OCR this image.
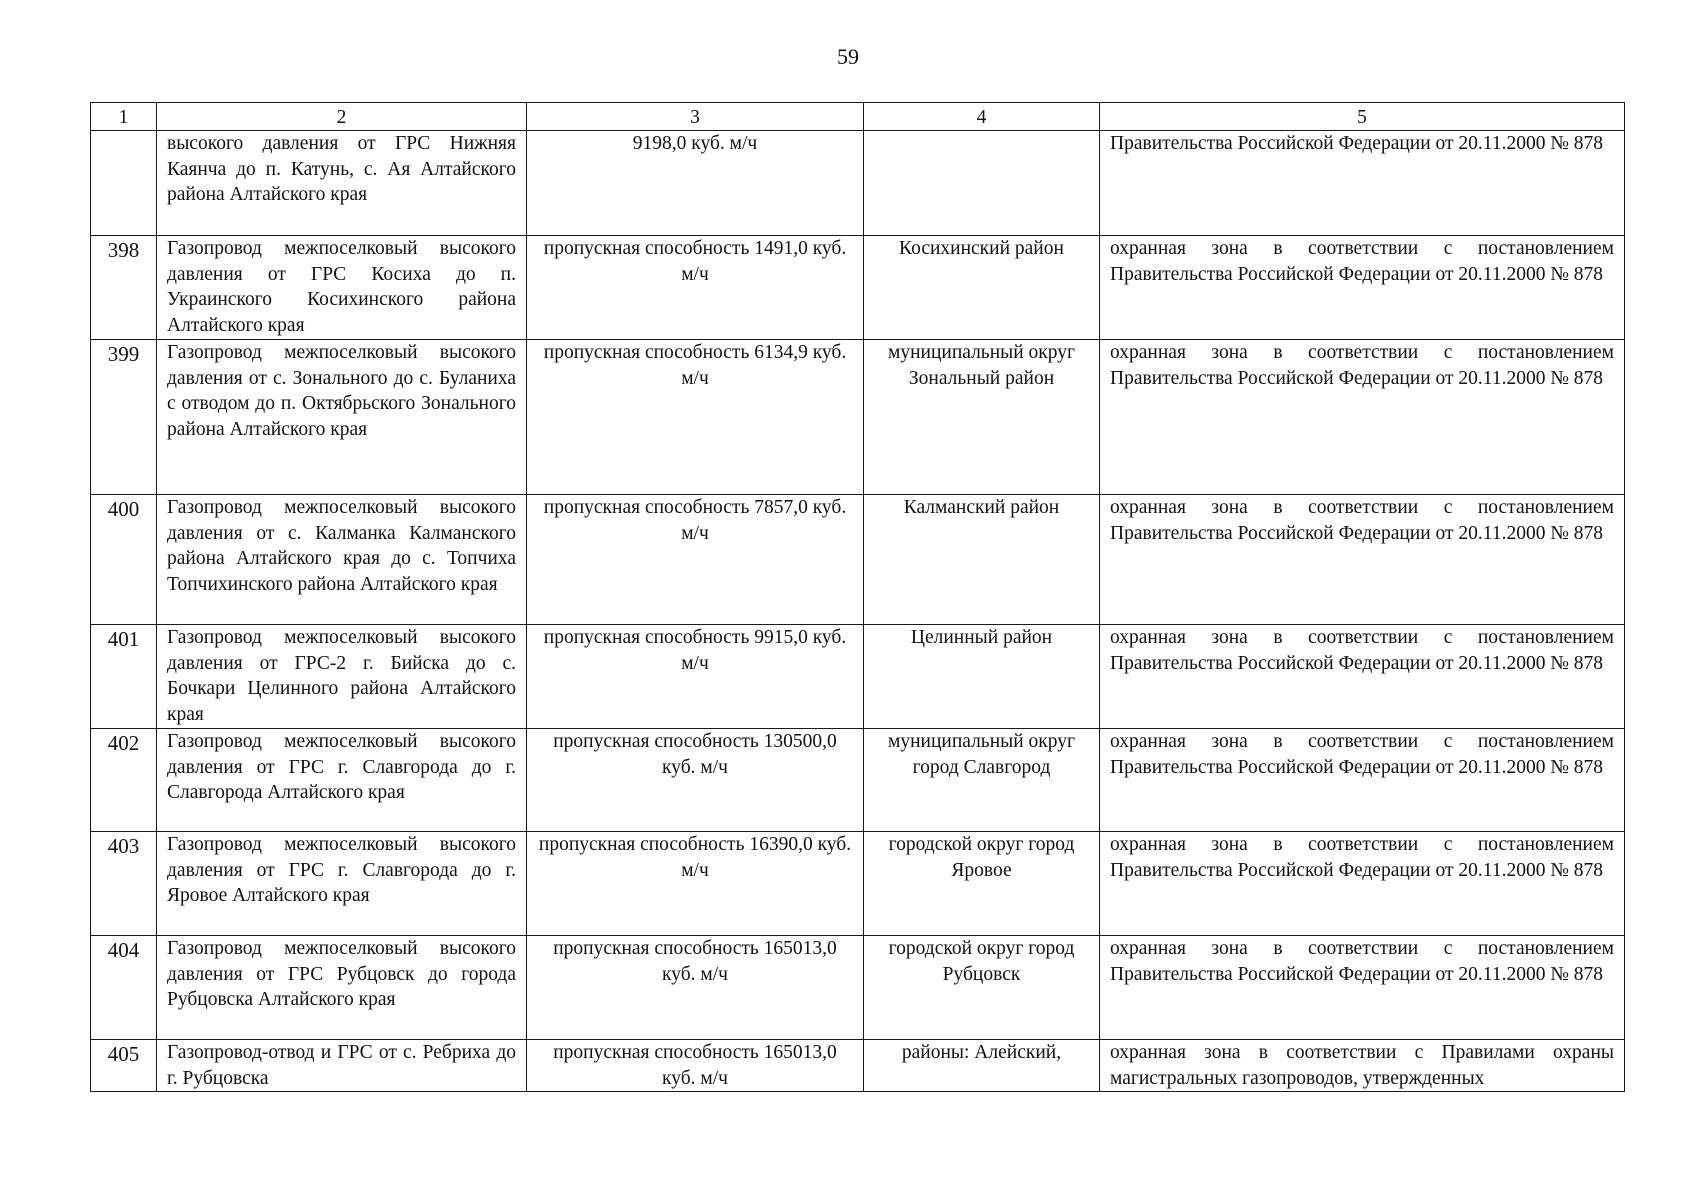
59
1	2	3	4	5
	высокого давления от ГРС Нижняя Каянча до п. Катунь, с. Ая Алтайского района Алтайского края	9198,0 куб. м/ч		Правительства Российской Федерации от 20.11.2000 № 878
398	Газопровод межпоселковый высокого давления от ГРС Косиха до п. Украинского Косихинского района Алтайского края	пропускная способность 1491,0 куб. м/ч	Косихинский район	охранная зона в соответствии с постановлением Правительства Российской Федерации от 20.11.2000 № 878
399	Газопровод межпоселковый высокого давления от с. Зонального до с. Буланиха с отводом до п. Октябрьского Зонального района Алтайского края	пропускная способность 6134,9 куб. м/ч	муниципальный округ Зональный район	охранная зона в соответствии с постановлением Правительства Российской Федерации от 20.11.2000 № 878
400	Газопровод межпоселковый высокого давления от с. Калманка Калманского района Алтайского края до с. Топчиха Топчихинского района Алтайского края	пропускная способность 7857,0 куб. м/ч	Калманский район	охранная зона в соответствии с постановлением Правительства Российской Федерации от 20.11.2000 № 878
401	Газопровод межпоселковый высокого давления от ГРС-2 г. Бийска до с. Бочкари Целинного района Алтайского края	пропускная способность 9915,0 куб. м/ч	Целинный район	охранная зона в соответствии с постановлением Правительства Российской Федерации от 20.11.2000 № 878
402	Газопровод межпоселковый высокого давления от ГРС г. Славгорода до г. Славгорода Алтайского края	пропускная способность 130500,0 куб. м/ч	муниципальный округ город Славгород	охранная зона в соответствии с постановлением Правительства Российской Федерации от 20.11.2000 № 878
403	Газопровод межпоселковый высокого давления от ГРС г. Славгорода до г. Яровое Алтайского края	пропускная способность 16390,0 куб. м/ч	городской округ город Яровое	охранная зона в соответствии с постановлением Правительства Российской Федерации от 20.11.2000 № 878
404	Газопровод межпоселковый высокого давления от ГРС Рубцовск до города Рубцовска Алтайского края	пропускная способность 165013,0 куб. м/ч	городской округ город Рубцовск	охранная зона в соответствии с постановлением Правительства Российской Федерации от 20.11.2000 № 878
405	Газопровод-отвод и ГРС от с. Ребриха до г. Рубцовска	пропускная способность 165013,0 куб. м/ч	районы: Алейский,	охранная зона в соответствии с Правилами охраны магистральных газопроводов, утвержденных
